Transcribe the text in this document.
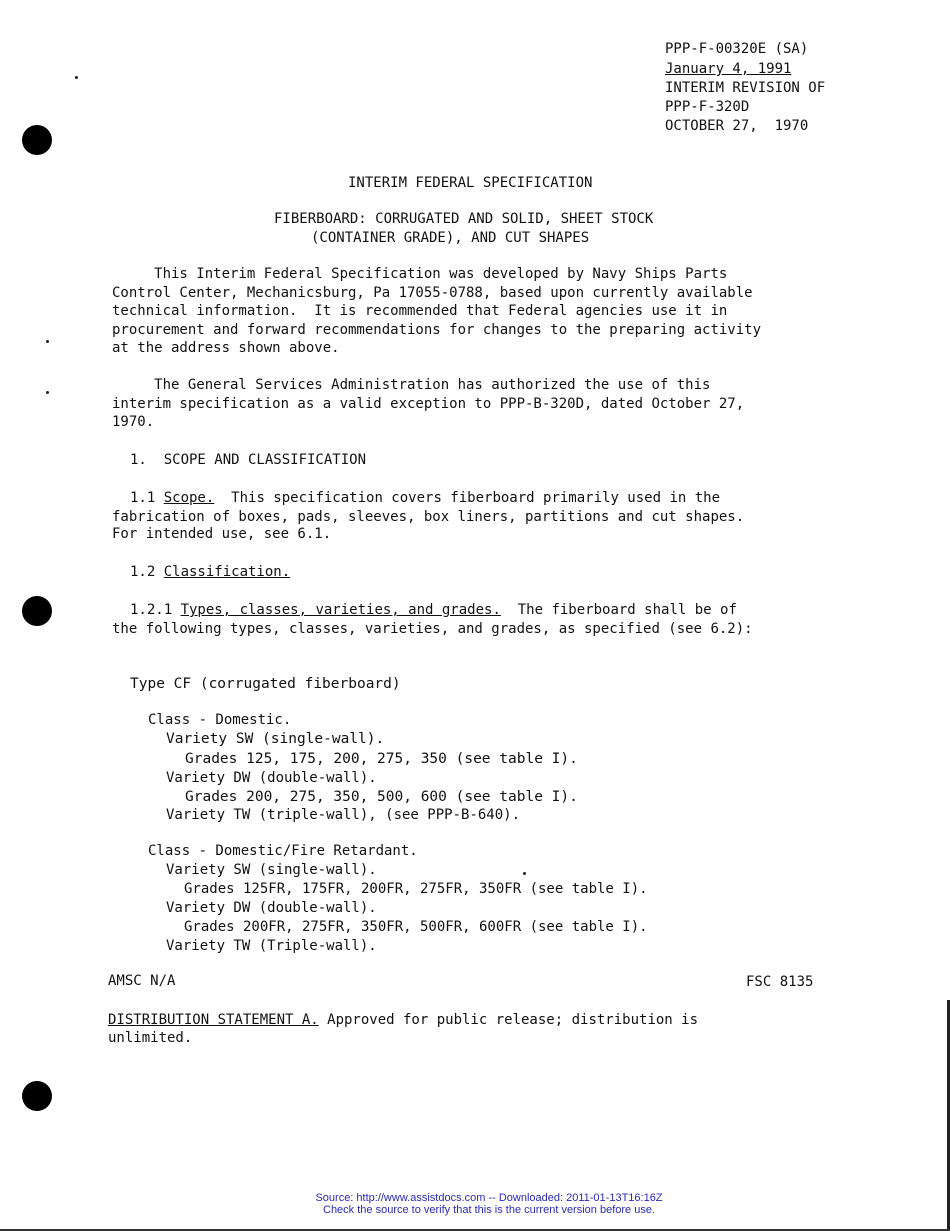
PPP-F-00320E (SA)

January 4, 1991

INTERIM REVISION OF

PPP-F-320D

OCTOBER 27,  1970

INTERIM FEDERAL SPECIFICATION

FIBERBOARD: CORRUGATED AND SOLID, SHEET STOCK

(CONTAINER GRADE), AND CUT SHAPES

This Interim Federal Specification was developed by Navy Ships Parts

Control Center, Mechanicsburg, Pa 17055-0788, based upon currently available

technical information.  It is recommended that Federal agencies use it in

procurement and forward recommendations for changes to the preparing activity

at the address shown above.

The General Services Administration has authorized the use of this

interim specification as a valid exception to PPP-B-320D, dated October 27,

1970.

1.  SCOPE AND CLASSIFICATION

1.1 Scope.  This specification covers fiberboard primarily used in the

fabrication of boxes, pads, sleeves, box liners, partitions and cut shapes.

For intended use, see 6.1.

1.2 Classification.

1.2.1 Types, classes, varieties, and grades.  The fiberboard shall be of

the following types, classes, varieties, and grades, as specified (see 6.2):

Type CF (corrugated fiberboard)

Class - Domestic.

Variety SW (single-wall).

Grades 125, 175, 200, 275, 350 (see table I).

Variety DW (double-wall).

Grades 200, 275, 350, 500, 600 (see table I).

Variety TW (triple-wall), (see PPP-B-640).

Class - Domestic/Fire Retardant.

Variety SW (single-wall).

Grades 125FR, 175FR, 200FR, 275FR, 350FR (see table I).

Variety DW (double-wall).

Grades 200FR, 275FR, 350FR, 500FR, 600FR (see table I).

Variety TW (Triple-wall).

AMSC N/A	FSC 8135

DISTRIBUTION STATEMENT A. Approved for public release; distribution is

unlimited.

Source: http://www.assistdocs.com -- Downloaded: 2011-01-13T16:16Z

Check the source to verify that this is the current version before use.
